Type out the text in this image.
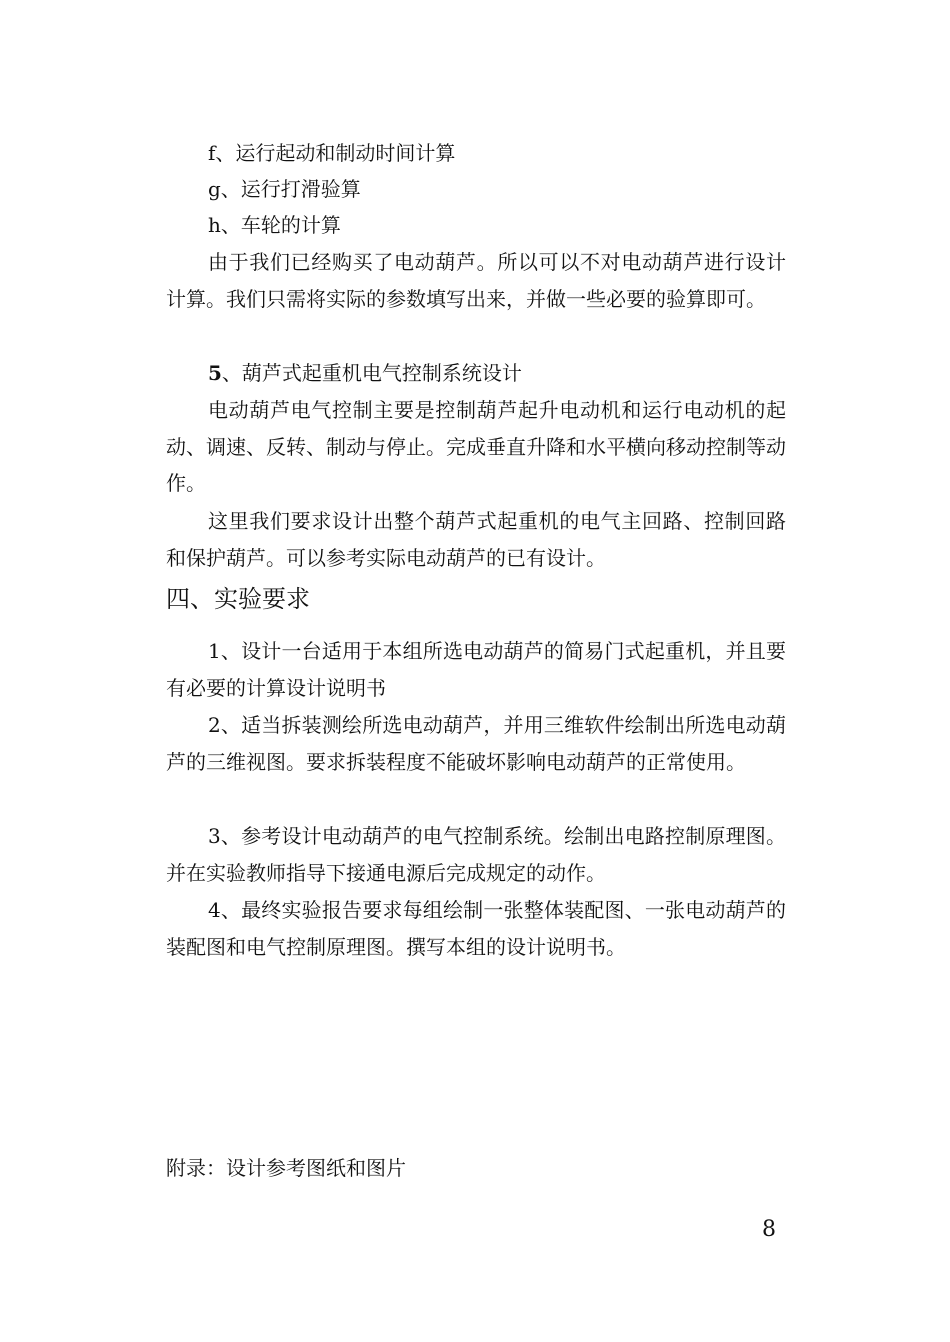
f、运行起动和制动时间计算

g、运行打滑验算

h、车轮的计算

由于我们已经购买了电动葫芦。所以可以不对电动葫芦进行设计计算。我们只需将实际的参数填写出来，并做一些必要的验算即可。

5、葫芦式起重机电气控制系统设计

电动葫芦电气控制主要是控制葫芦起升电动机和运行电动机的起动、调速、反转、制动与停止。完成垂直升降和水平横向移动控制等动作。

这里我们要求设计出整个葫芦式起重机的电气主回路、控制回路和保护葫芦。可以参考实际电动葫芦的已有设计。

四、实验要求

1、设计一台适用于本组所选电动葫芦的简易门式起重机，并且要有必要的计算设计说明书

2、适当拆装测绘所选电动葫芦，并用三维软件绘制出所选电动葫芦的三维视图。要求拆装程度不能破坏影响电动葫芦的正常使用。

3、参考设计电动葫芦的电气控制系统。绘制出电路控制原理图。并在实验教师指导下接通电源后完成规定的动作。

4、最终实验报告要求每组绘制一张整体装配图、一张电动葫芦的装配图和电气控制原理图。撰写本组的设计说明书。

附录：设计参考图纸和图片

8
